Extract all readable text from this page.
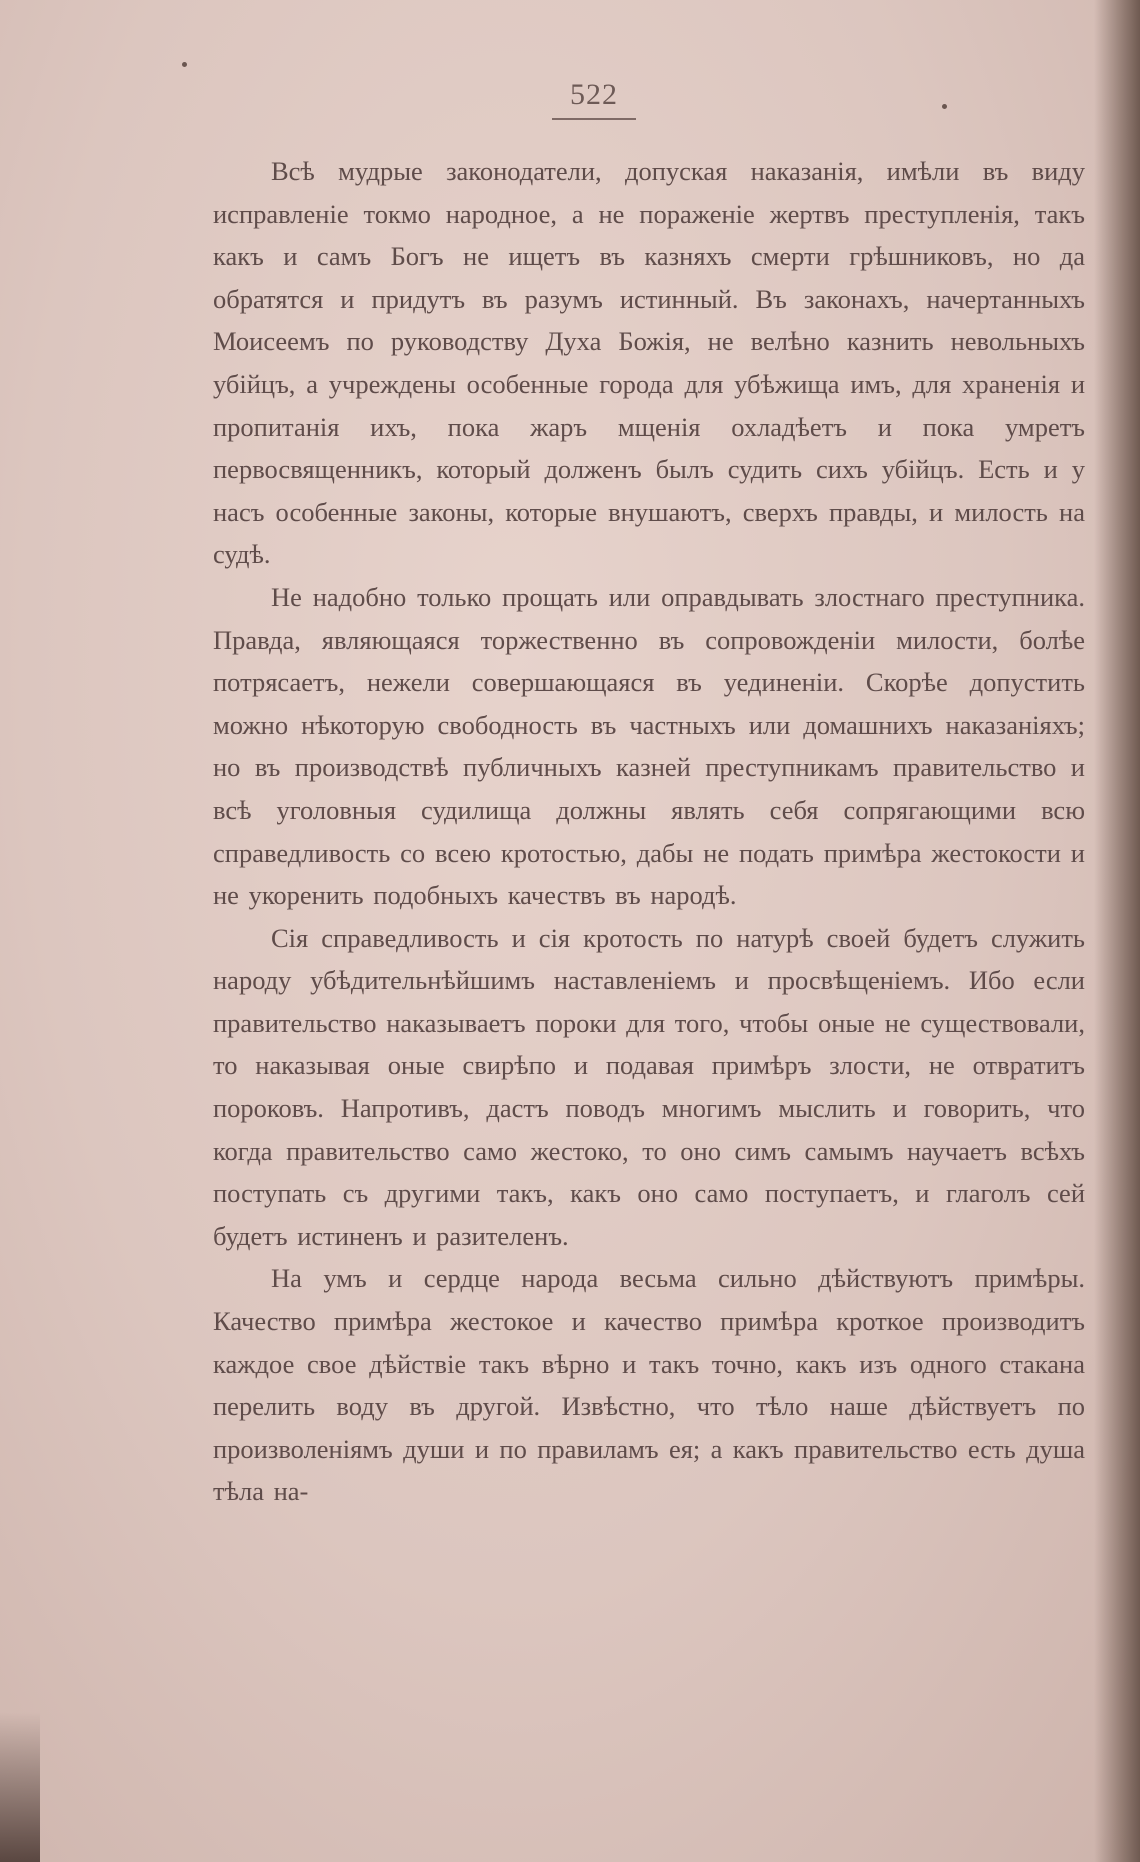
522

Всѣ мудрые законодатели, допуская наказанія, имѣли въ виду исправленіе токмо народное, а не пораженіе жертвъ преступленія, такъ какъ и самъ Богъ не ищетъ въ казняхъ смерти грѣшниковъ, но да обратятся и придутъ въ разумъ истинный. Въ законахъ, начертанныхъ Моисеемъ по руководству Духа Божія, не велѣно казнить невольныхъ убійцъ, а учреждены особенные города для убѣжища имъ, для храненія и пропитанія ихъ, пока жаръ мщенія охладѣетъ и пока умретъ первосвященникъ, который долженъ былъ судить сихъ убійцъ. Есть и у насъ особенные законы, которые внушаютъ, сверхъ правды, и милость на судѣ.

Не надобно только прощать или оправдывать злостнаго преступника. Правда, являющаяся торжественно въ сопровожденіи милости, болѣе потрясаетъ, нежели совершающаяся въ уединеніи. Скорѣе допустить можно нѣкоторую свободность въ частныхъ или домашнихъ наказаніяхъ; но въ производствѣ публичныхъ казней преступникамъ правительство и всѣ уголовныя судилища должны являть себя сопрягающими всю справедливость со всею кротостью, дабы не подать примѣра жестокости и не укоренить подобныхъ качествъ въ народѣ.

Сія справедливость и сія кротость по натурѣ своей будетъ служить народу убѣдительнѣйшимъ наставленіемъ и просвѣщеніемъ. Ибо если правительство наказываетъ пороки для того, чтобы оные не существовали, то наказывая оные свирѣпо и подавая примѣръ злости, не отвратитъ пороковъ. Напротивъ, дастъ поводъ многимъ мыслить и говорить, что когда правительство само жестоко, то оно симъ самымъ научаетъ всѣхъ поступать съ другими такъ, какъ оно само поступаетъ, и глаголъ сей будетъ истиненъ и разителенъ.

На умъ и сердце народа весьма сильно дѣйствуютъ примѣры. Качество примѣра жестокое и качество примѣра кроткое производитъ каждое свое дѣйствіе такъ вѣрно и такъ точно, какъ изъ одного стакана перелить воду въ другой. Извѣстно, что тѣло наше дѣйствуетъ по произволеніямъ души и по правиламъ ея; а какъ правительство есть душа тѣла на-
